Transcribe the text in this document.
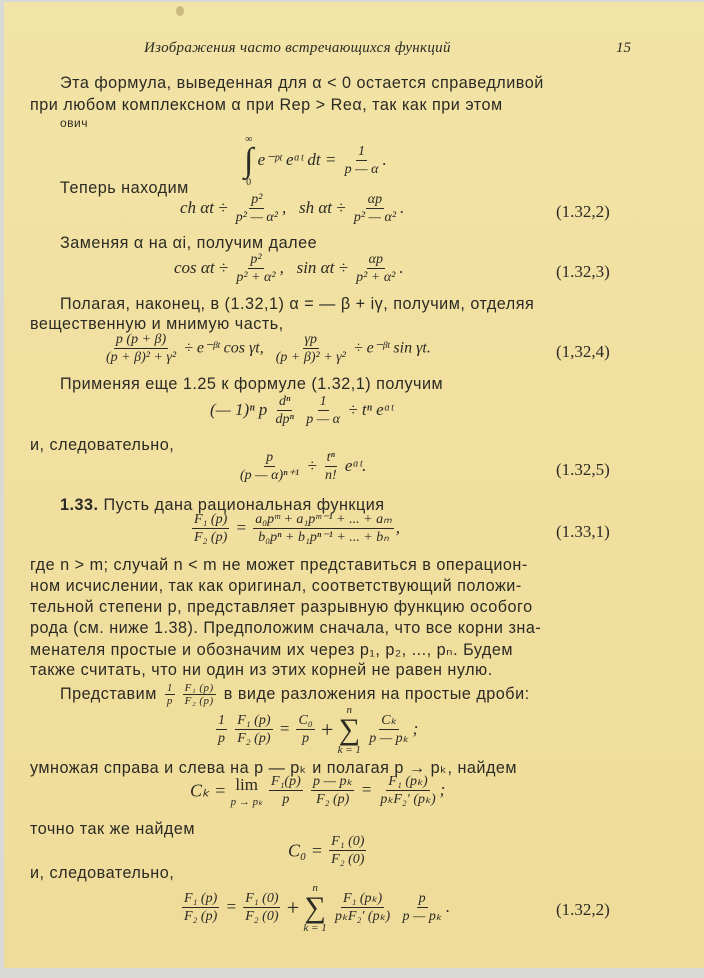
Изображения часто встречающихся функций	15
Эта формула, выведенная для α < 0 остается справедливой
при любом комплексном α при Rep > Reα, так как при этом
ович
∞
∫
0
e⁻ᵖᵗ eᵅᵗ dt = $\frac{1}{p — \alpha}$ .
Теперь находим
ch $\alpha t \div \frac{\text{p²}}{\text{p² — α²}}$ , sh $\alpha t \div \frac{\alpha p}{\text{p² — α²}}$ .	(1.32,2)
Заменяя α на αi, получим далее
$\cos \alpha t \div \frac{\text{p²}}{\text{p² + α²}}$ , $\sin \alpha t \div \frac{\alpha p}{\text{p² + α²}}$ .	(1.32,3)
Полагая, наконец, в (1.32,1) α = — β + iγ, получим, отделяя
вещественную и мнимую часть,
$\frac{p (p + \beta)}{\text{(p + β)² + γ²}}$ ÷ e⁻ᵝᵗ cos γt, $\frac{\gamma p}{\text{(p + β)² + γ²}}$ ÷ e⁻ᵝᵗ sin γt.	(1,32,4)
Применяя еще 1.25 к формуле (1.32,1) получим
(— 1)ⁿ p $\frac{\text{dⁿ}}{\text{dpⁿ}}$
$\frac{1}{p — \alpha} \div t^n$ eᵅᵗ
и, следовательно,
$\frac{p}{\text{(p — α)ⁿ⁺¹}} \div \frac{\text{tⁿ}}{n!}$ eᵅᵗ.	(1.32,5)
1.33. Пусть дана рациональная функция
$\frac{\text{F₁ (p)}}{\text{F₂ (p)}} = \frac{\text{a₀pᵐ + a₁pᵐ⁻¹ + ... + aₘ}}{\text{b₀pⁿ + b₁pⁿ⁻¹ + ... + bₙ}}$ ,	(1.33,1)
где n > m; случай n < m не может представиться в операцион-
ном исчислении, так как оригинал, соответствующий положи-
тельной степени p, представляет разрывную функцию особого
рода (см. ниже 1.38). Предположим сначала, что все корни зна-
менателя простые и обозначим их через p₁, p₂, ..., pₙ. Будем
также считать, что ни один из этих корней не равен нулю.
Представим $\frac{1}{p}$
$\frac{\text{F₁ (p)}}{\text{F₂ (p)}}$ в виде разложения на простые дроби:
$\frac{1}{p}$
$\frac{\text{F₁ (p)}}{\text{F₂ (p)}} = \frac{\text{C₀}}{p}$ +
n
∑
k = 1

$\frac{\text{Cₖ}}{\text{p — pₖ}}$ ;
умножая справа и слева на p — pₖ и полагая p → pₖ, найдем
Cₖ = lim
p → pₖ
$\frac{\text{F₁(p)}}{p}$
$\frac{\text{p — pₖ}}{\text{F₂ (p)}} = \frac{\text{F₁ (pₖ)}}{\text{pₖF₂′ (pₖ)}}$ ;
точно так же найдем
$C_0 = \frac{\text{F₁ (0)}}{\text{F₂ (0)}}$
и, следовательно,
$\frac{\text{F₁ (p)}}{\text{F₂ (p)}} = \frac{\text{F₁ (0)}}{\text{F₂ (0)}}$ +
n
∑
k = 1

$\frac{\text{F₁ (pₖ)}}{\text{pₖF₂′ (pₖ)}}$
$\frac{p}{\text{p — pₖ}}$ .	(1.32,2)
